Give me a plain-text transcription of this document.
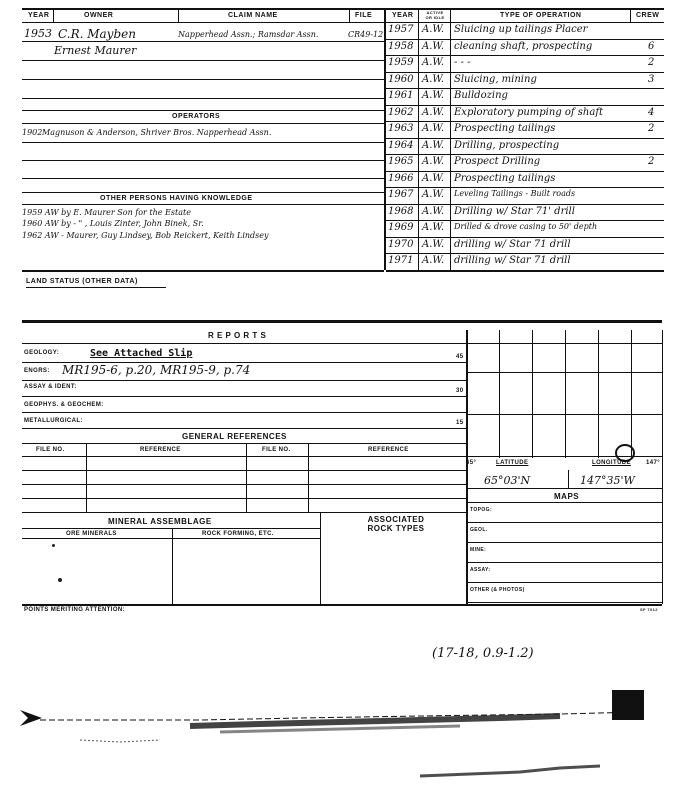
YEAR	OWNER	CLAIM NAME	FILE
1953 C.R. Mayben	Napperhead Assn.; Ramsdar Assn.	CR49-12
Ernest Maurer
OPERATORS
1902 Magnuson & Anderson, Shriver Bros. Napperhead Assn.
OTHER PERSONS HAVING KNOWLEDGE
1959 AW by E. Maurer Son for the Estate
1960 AW by - " , Louis Zinter, John Binek, Sr.
1962 AW - Maurer, Guy Lindsey, Bob Reickert, Keith Lindsey
YEAR	ACTIVE OR IDLE	TYPE OF OPERATION	CREW
1957 A.W. Sluicing up tailings Placer
1958 A.W. cleaning shaft, prospecting	6
1959 A.W. - - -	2
1960 A.W. Sluicing, mining	3
1961 A.W. Bulldozing
1962 A.W. Exploratory pumping of shaft	4
1963 A.W. Prospecting tailings	2
1964 A.W. Drilling, prospecting
1965 A.W. Prospect Drilling	2
1966 A.W. Prospecting tailings
1967 A.W. Leveling Tailings - Built roads
1968 A.W. Drilling w/ Star 71' drill
1969 A.W. Drilled & drove casing to 50' depth
1970 A.W. drilling w/ Star 71 drill
1971 A.W. drilling w/ Star 71 drill
LAND STATUS (OTHER DATA)
R E P O R T S
GEOLOGY:	See Attached Slip	45
ENGRS: MR195-6, p.20, MR195-9, p.74
ASSAY & IDENT:
30
GEOPHYS. & GEOCHEM:
METALLURGICAL:	15
GENERAL REFERENCES
FILE NO.	REFERENCE	FILE NO.	REFERENCE
MINERAL ASSEMBLAGE	ASSOCIATED ROCK TYPES
ORE MINERALS	ROCK FORMING, ETC.
65°	LATITUDE	LONGITUDE	147°
65°03'N	147°35'W
MAPS
TOPOG:
GEOL.
MINE:
ASSAY:
OTHER (& PHOTOS)
POINTS MERITING ATTENTION:	SF 7012
(17-18, 0.9-1.2)
